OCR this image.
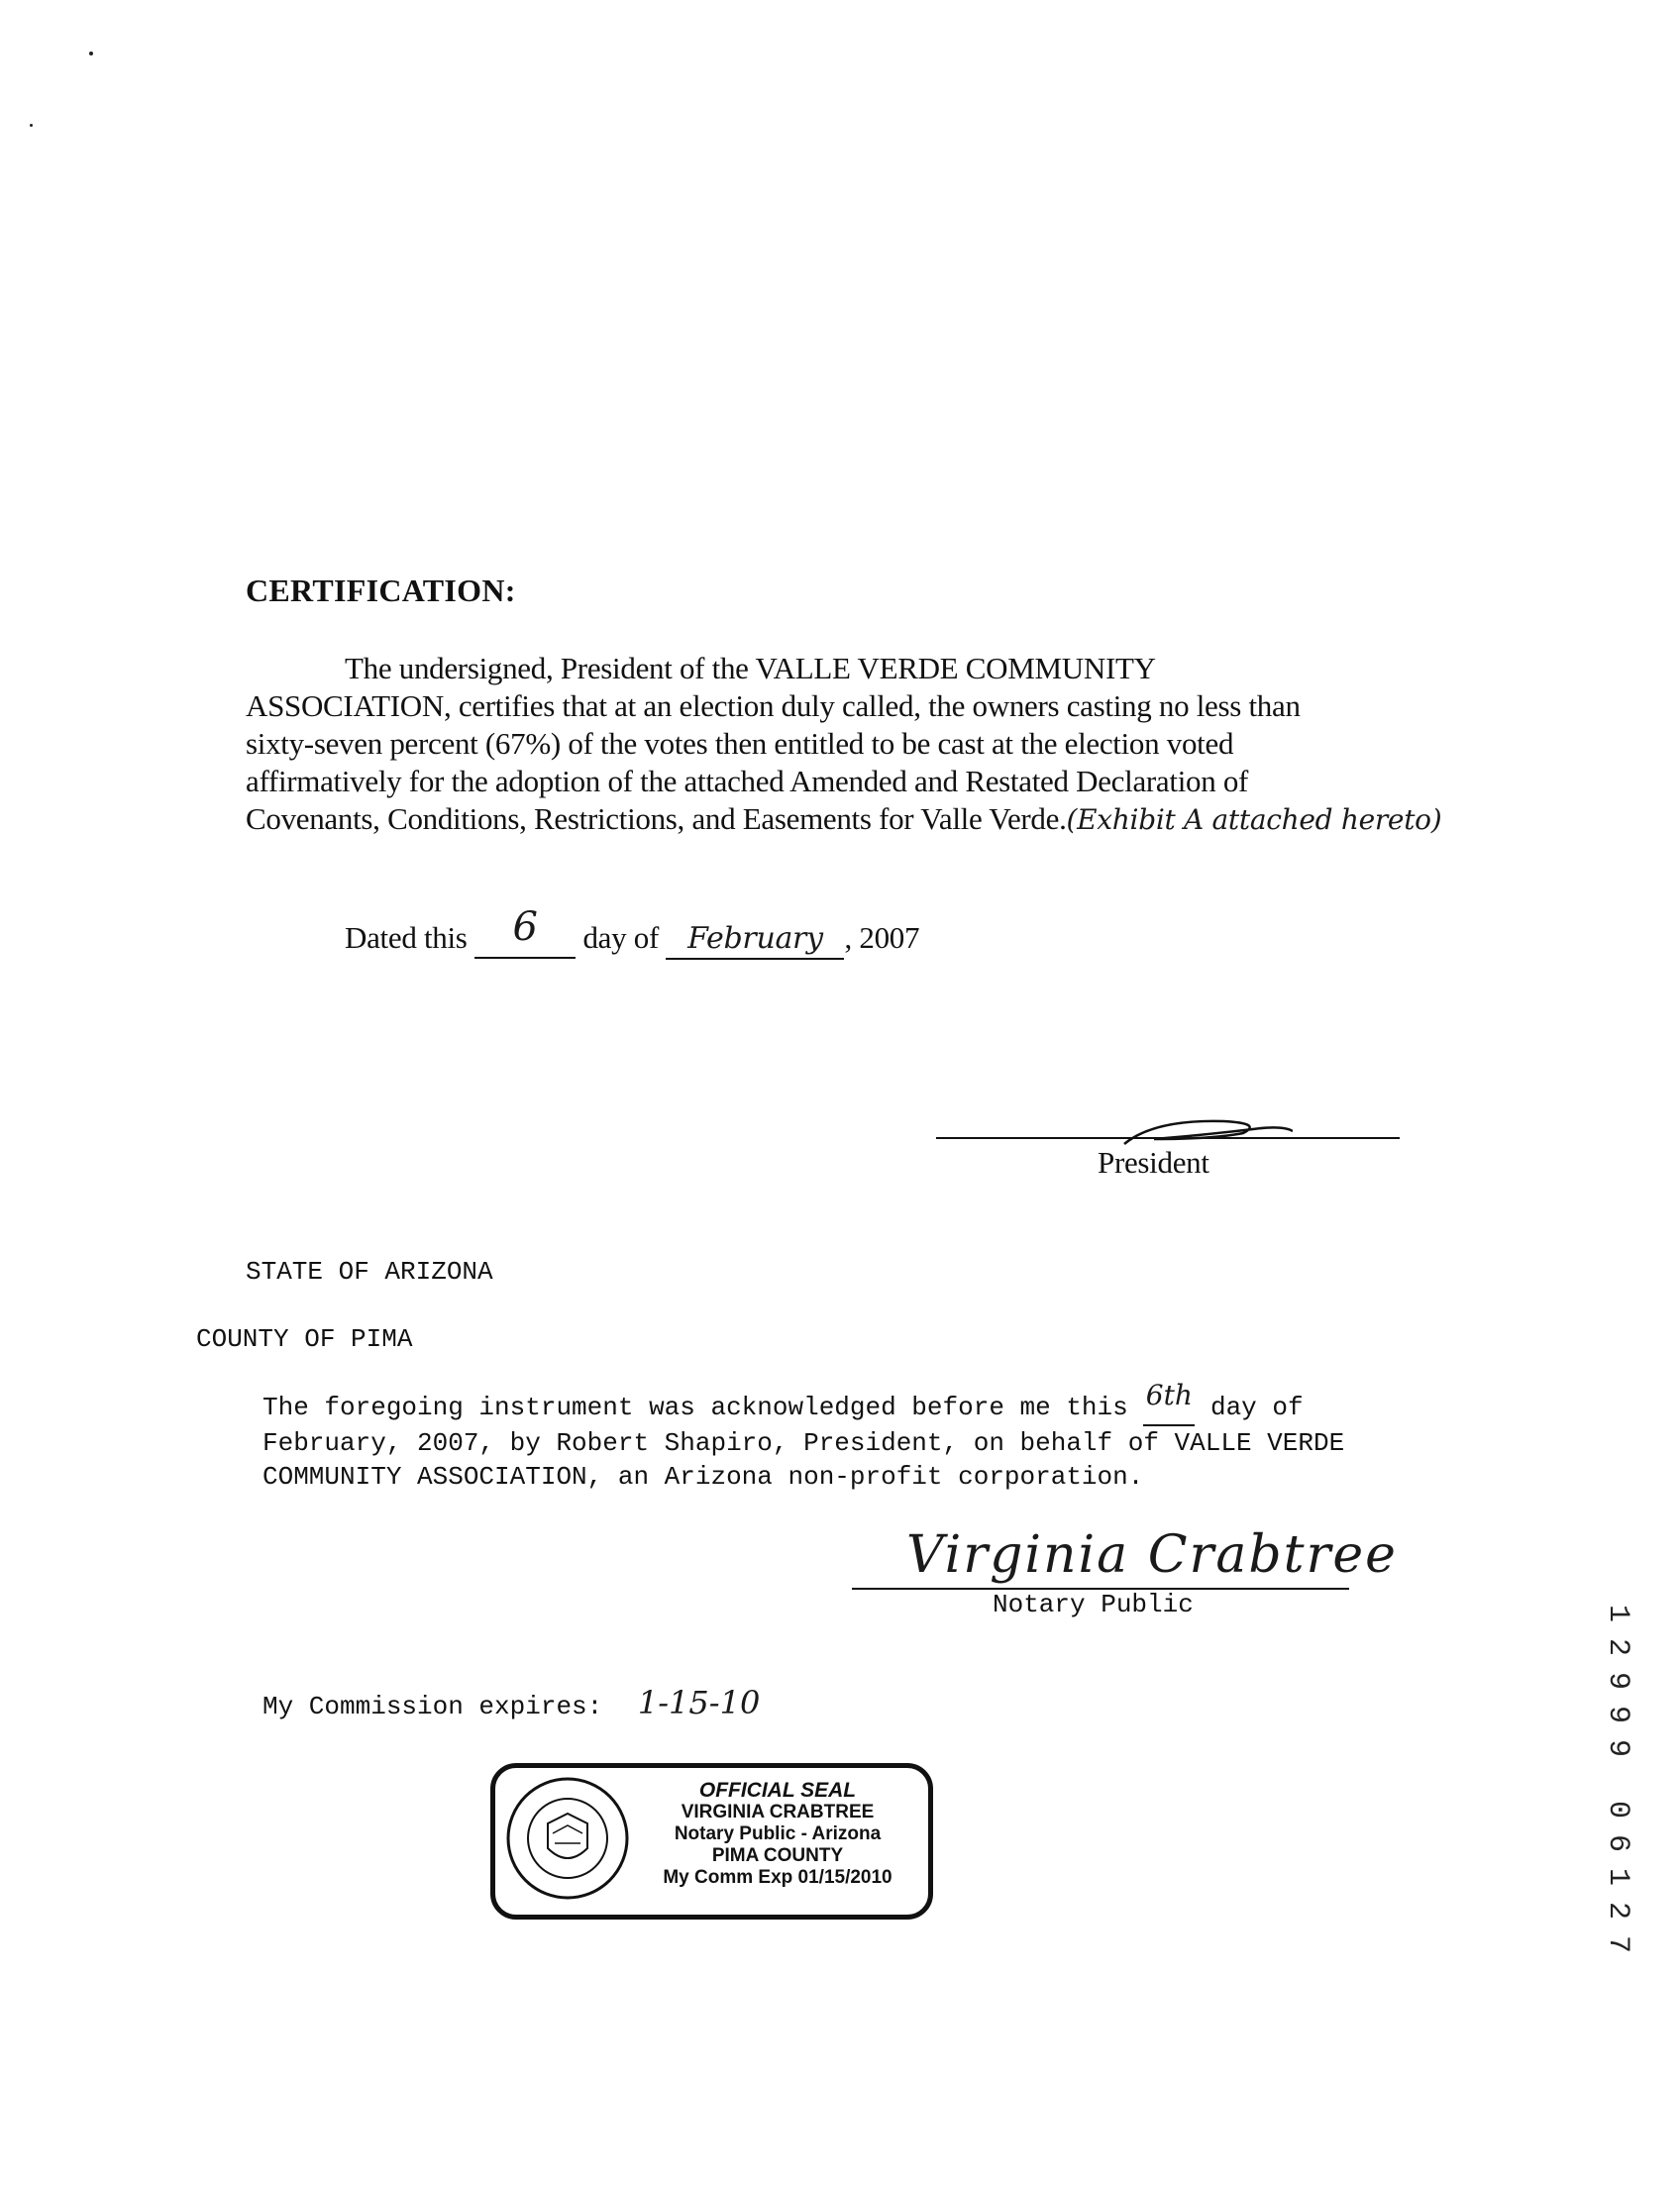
CERTIFICATION:
The undersigned, President of the VALLE VERDE COMMUNITY
ASSOCIATION, certifies that at an election duly called, the owners casting no less than
sixty-seven percent (67%) of the votes then entitled to be cast at the election voted
affirmatively for the adoption of the attached Amended and Restated Declaration of
Covenants, Conditions, Restrictions, and Easements for Valle Verde.(Exhibit A attached hereto)
Dated this 6 day of February , 2007
President
STATE OF ARIZONA
COUNTY OF PIMA
The foregoing instrument was acknowledged before me this 6th day of
February, 2007, by Robert Shapiro, President, on behalf of VALLE VERDE
COMMUNITY ASSOCIATION, an Arizona non-profit corporation.
Virginia Crabtree
Notary Public
My Commission expires: 1-15-10
OFFICIAL SEAL
VIRGINIA CRABTREE
Notary Public - Arizona
PIMA COUNTY
My Comm Exp 01/15/2010
1
2
9
9
9
0
6
1
2
7
